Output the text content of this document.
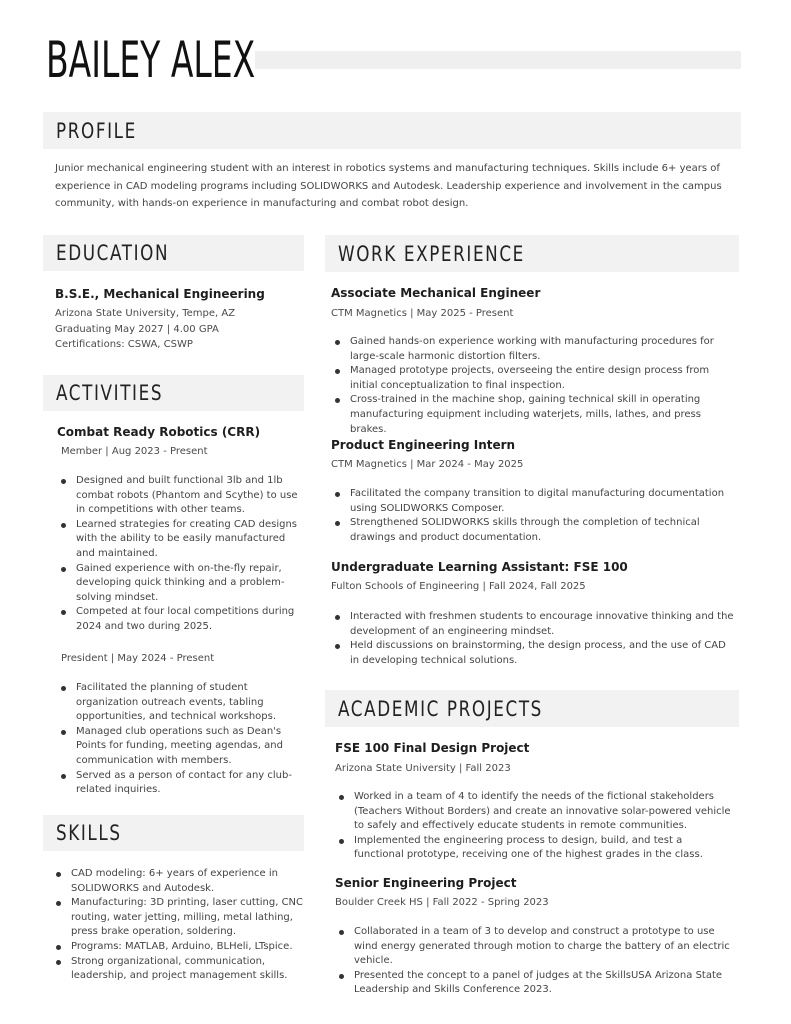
BAILEY ALEX
PROFILE

Junior mechanical engineering student with an interest in robotics systems and manufacturing techniques. Skills include 6+ years of experience in CAD modeling programs including SOLIDWORKS and Autodesk. Leadership experience and involvement in the campus community, with hands-on experience in manufacturing and combat robot design.

EDUCATION

B.S.E., Mechanical Engineering

Arizona State University, Tempe, AZ

Graduating May 2027 | 4.00 GPA

Certifications: CSWA, CSWP

ACTIVITIES

Combat Ready Robotics (CRR)

Member | Aug 2023 - Present

Designed and built functional 3lb and 1lb combat robots (Phantom and Scythe) to use in competitions with other teams.
Learned strategies for creating CAD designs with the ability to be easily manufactured and maintained.
Gained experience with on-the-fly repair, developing quick thinking and a problem-solving mindset.
Competed at four local competitions during 2024 and two during 2025.

President | May 2024 - Present

Facilitated the planning of student organization outreach events, tabling opportunities, and technical workshops.
Managed club operations such as Dean's Points for funding, meeting agendas, and communication with members.
Served as a person of contact for any club-related inquiries.
SKILLS
CAD modeling: 6+ years of experience in SOLIDWORKS and Autodesk.
Manufacturing: 3D printing, laser cutting, CNC routing, water jetting, milling, metal lathing, press brake operation, soldering.
Programs: MATLAB, Arduino, BLHeli, LTspice.
Strong organizational, communication, leadership, and project management skills.
WORK EXPERIENCE

Associate Mechanical Engineer

CTM Magnetics | May 2025 - Present

Gained hands-on experience working with manufacturing procedures for large-scale harmonic distortion filters.
Managed prototype projects, overseeing the entire design process from initial conceptualization to final inspection.
Cross-trained in the machine shop, gaining technical skill in operating manufacturing equipment including waterjets, mills, lathes, and press brakes.

Product Engineering Intern

CTM Magnetics | Mar 2024 - May 2025

Facilitated the company transition to digital manufacturing documentation using SOLIDWORKS Composer.
Strengthened SOLIDWORKS skills through the completion of technical drawings and product documentation.

Undergraduate Learning Assistant: FSE 100

Fulton Schools of Engineering | Fall 2024, Fall 2025

Interacted with freshmen students to encourage innovative thinking and the development of an engineering mindset.
Held discussions on brainstorming, the design process, and the use of CAD in developing technical solutions.
ACADEMIC PROJECTS

FSE 100 Final Design Project

Arizona State University | Fall 2023

Worked in a team of 4 to identify the needs of the fictional stakeholders (Teachers Without Borders) and create an innovative solar-powered vehicle to safely and effectively educate students in remote communities.
Implemented the engineering process to design, build, and test a functional prototype, receiving one of the highest grades in the class.

Senior Engineering Project

Boulder Creek HS | Fall 2022 - Spring 2023

Collaborated in a team of 3 to develop and construct a prototype to use wind energy generated through motion to charge the battery of an electric vehicle.
Presented the concept to a panel of judges at the SkillsUSA Arizona State Leadership and Skills Conference 2023.
